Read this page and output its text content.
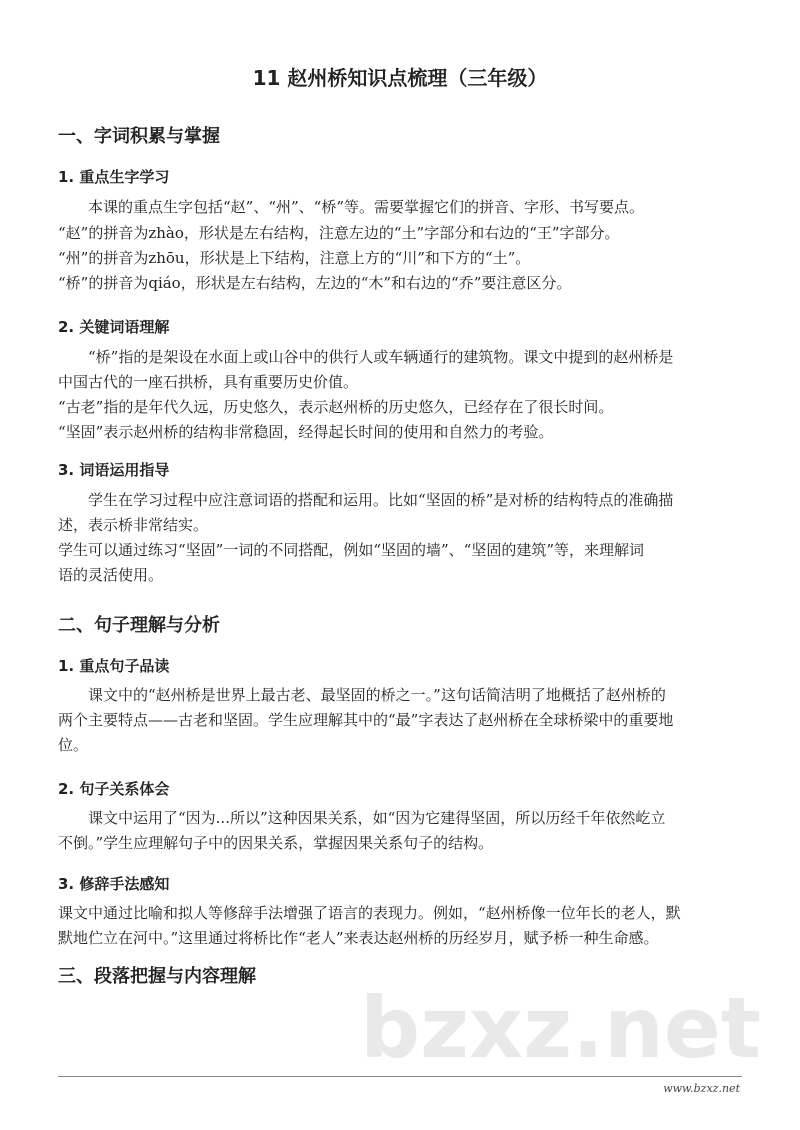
11 赵州桥知识点梳理（三年级）
一、字词积累与掌握
1. 重点生字学习
本课的重点生字包括“赵”、“州”、“桥”等。需要掌握它们的拼音、字形、书写要点。
“赵”的拼音为zhào，形状是左右结构，注意左边的“土”字部分和右边的“王”字部分。
“州”的拼音为zhōu，形状是上下结构，注意上方的“川”和下方的“土”。
“桥”的拼音为qiáo，形状是左右结构，左边的“木”和右边的“乔”要注意区分。
2. 关键词语理解
“桥”指的是架设在水面上或山谷中的供行人或车辆通行的建筑物。课文中提到的赵州桥是
中国古代的一座石拱桥，具有重要历史价值。
“古老”指的是年代久远，历史悠久，表示赵州桥的历史悠久，已经存在了很长时间。
“坚固”表示赵州桥的结构非常稳固，经得起长时间的使用和自然力的考验。
3. 词语运用指导
学生在学习过程中应注意词语的搭配和运用。比如“坚固的桥”是对桥的结构特点的准确描
述，表示桥非常结实。
学生可以通过练习“坚固”一词的不同搭配，例如“坚固的墙”、“坚固的建筑”等，来理解词
语的灵活使用。
二、句子理解与分析
1. 重点句子品读
课文中的“赵州桥是世界上最古老、最坚固的桥之一。”这句话简洁明了地概括了赵州桥的
两个主要特点——古老和坚固。学生应理解其中的“最”字表达了赵州桥在全球桥梁中的重要地
位。
2. 句子关系体会
课文中运用了“因为...所以”这种因果关系，如“因为它建得坚固，所以历经千年依然屹立
不倒。”学生应理解句子中的因果关系，掌握因果关系句子的结构。
3. 修辞手法感知
课文中通过比喻和拟人等修辞手法增强了语言的表现力。例如，“赵州桥像一位年长的老人，默
默地伫立在河中。”这里通过将桥比作“老人”来表达赵州桥的历经岁月，赋予桥一种生命感。
三、段落把握与内容理解
bzxz.net
www.bzxz.net
